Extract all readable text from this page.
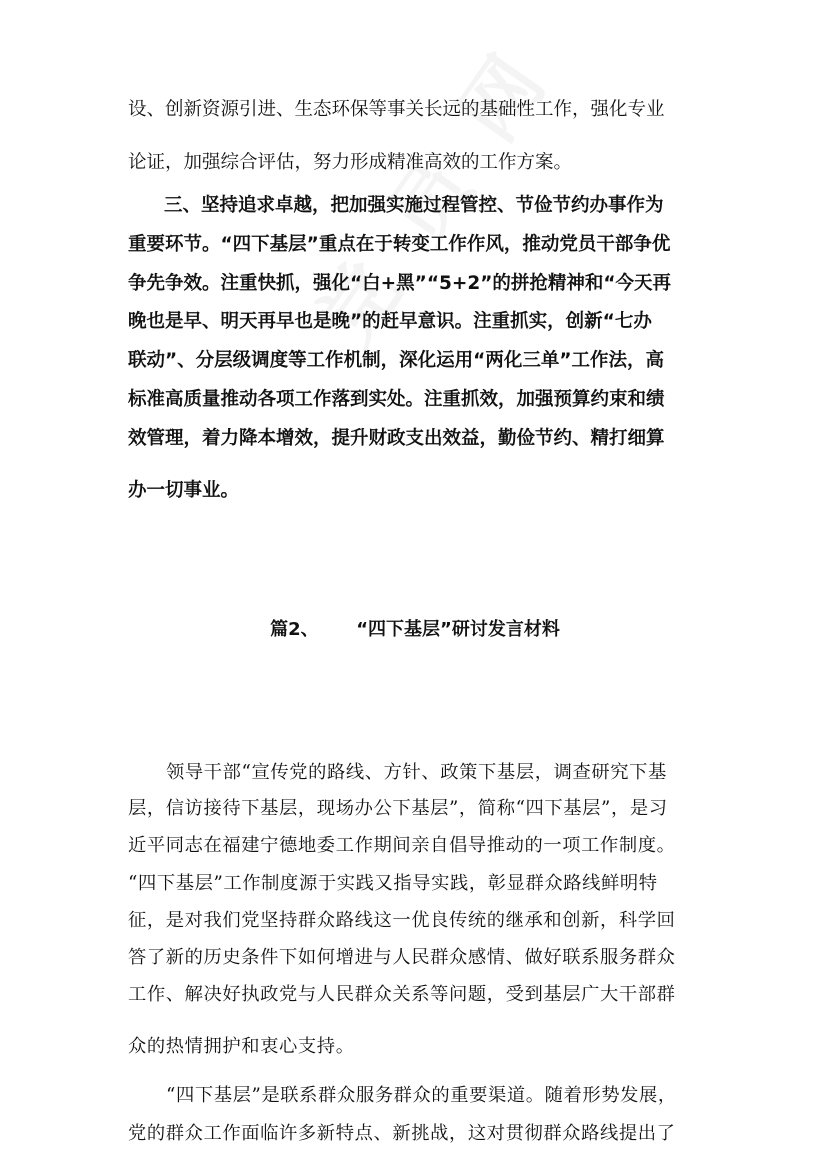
设、创新资源引进、生态环保等事关长远的基础性工作，强化专业
论证，加强综合评估，努力形成精准高效的工作方案。
三、坚持追求卓越，把加强实施过程管控、节俭节约办事作为
重要环节。“四下基层”重点在于转变工作作风，推动党员干部争优
争先争效。注重快抓，强化“白+黑”“5+2”的拼抢精神和“今天再
晚也是早、明天再早也是晚”的赶早意识。注重抓实，创新“七办
联动”、分层级调度等工作机制，深化运用“两化三单”工作法，高
标准高质量推动各项工作落到实处。注重抓效，加强预算约束和绩
效管理，着力降本增效，提升财政支出效益，勤俭节约、精打细算
办一切事业。
篇2、      “四下基层”研讨发言材料
领导干部“宣传党的路线、方针、政策下基层，调查研究下基
层，信访接待下基层，现场办公下基层”，简称“四下基层”，是习
近平同志在福建宁德地委工作期间亲自倡导推动的一项工作制度。
“四下基层”工作制度源于实践又指导实践，彰显群众路线鲜明特
征，是对我们党坚持群众路线这一优良传统的继承和创新，科学回
答了新的历史条件下如何增进与人民群众感情、做好联系服务群众
工作、解决好执政党与人民群众关系等问题，受到基层广大干部群
众的热情拥护和衷心支持。
“四下基层”是联系群众服务群众的重要渠道。随着形势发展，
党的群众工作面临许多新特点、新挑战，这对贯彻群众路线提出了
